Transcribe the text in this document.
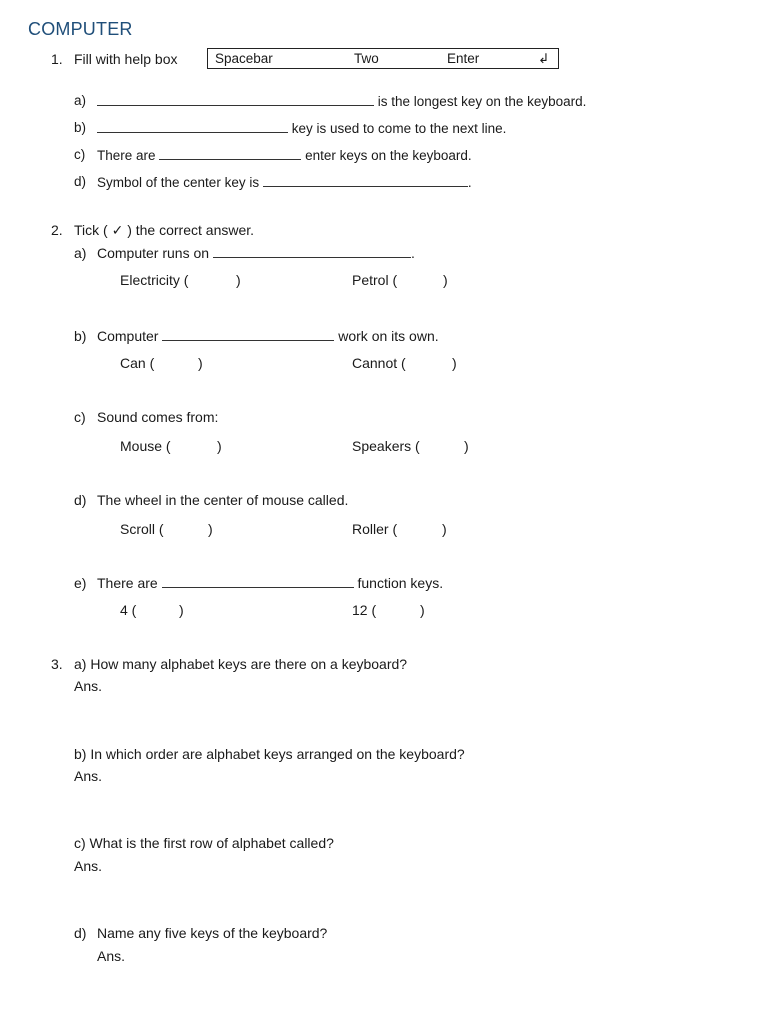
COMPUTER
1. Fill with help box	Spacebar	Two	Enter	↲
a)	is the longest key on the keyboard.
b)	key is used to come to the next line.
c) There are	enter keys on the keyboard.
d) Symbol of the center key is	.
2. Tick ( ✓ ) the correct answer.
a) Computer runs on	.
Electricity (	)	Petrol (	)
b) Computer	work on its own.
Can (	)	Cannot (	)
c) Sound comes from:
Mouse (	)	Speakers (	)
d) The wheel in the center of mouse called.
Scroll (	)	Roller (	)
e) There are	function keys.
4 (	)	12 (	)
3. a) How many alphabet keys are there on a keyboard?
Ans.
b) In which order are alphabet keys arranged on the keyboard?
Ans.
c) What is the first row of alphabet called?
Ans.
d) Name any five keys of the keyboard?
Ans.
